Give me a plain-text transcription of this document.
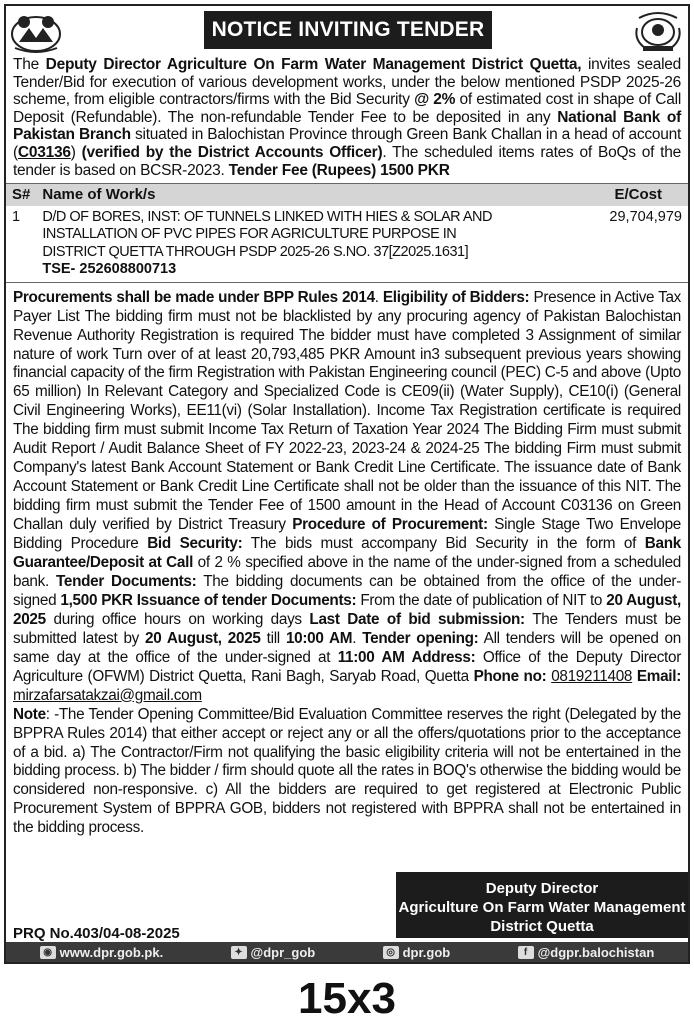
NOTICE INVITING TENDER
The Deputy Director Agriculture On Farm Water Management District Quetta, invites sealed Tender/Bid for execution of various development works, under the below mentioned PSDP 2025-26 scheme, from eligible contractors/firms with the Bid Security @ 2% of estimated cost in shape of Call Deposit (Refundable). The non-refundable Tender Fee to be deposited in any National Bank of Pakistan Branch situated in Balochistan Province through Green Bank Challan in a head of account (C03136) (verified by the District Accounts Officer). The scheduled items rates of BoQs of the tender is based on BCSR-2023. Tender Fee (Rupees) 1500 PKR
S#	Name of Work/s	E/Cost
1	D/D OF BORES, INST: OF TUNNELS LINKED WITH HIES & SOLAR AND
INSTALLATION OF PVC PIPES FOR AGRICULTURE PURPOSE IN
DISTRICT QUETTA THROUGH PSDP 2025-26 S.NO. 37[Z2025.1631]
TSE- 252608800713	29,704,979
Procurements shall be made under BPP Rules 2014. Eligibility of Bidders: Presence in Active Tax Payer List The bidding firm must not be blacklisted by any procuring agency of Pakistan Balochistan Revenue Authority Registration is required The bidder must have completed 3 Assignment of similar nature of work Turn over of at least 20,793,485 PKR Amount in3 subsequent previous years showing financial capacity of the firm Registration with Pakistan Engineering council (PEC) C-5 and above (Upto 65 million) In Relevant Category and Specialized Code is CE09(ii) (Water Supply), CE10(i) (General Civil Engineering Works), EE11(vi) (Solar Installation). Income Tax Registration certificate is required The bidding firm must submit Income Tax Return of Taxation Year 2024 The Bidding Firm must submit Audit Report / Audit Balance Sheet of FY 2022-23, 2023-24 & 2024-25 The bidding Firm must submit Company's latest Bank Account Statement or Bank Credit Line Certificate. The issuance date of Bank Account Statement or Bank Credit Line Certificate shall not be older than the issuance of this NIT. The bidding firm must submit the Tender Fee of 1500 amount in the Head of Account C03136 on Green Challan duly verified by District Treasury Procedure of Procurement: Single Stage Two Envelope Bidding Procedure Bid Security: The bids must accompany Bid Security in the form of Bank Guarantee/Deposit at Call of 2 % specified above in the name of the under-signed from a scheduled bank. Tender Documents: The bidding documents can be obtained from the office of the under-signed 1,500 PKR Issuance of tender Documents: From the date of publication of NIT to 20 August, 2025 during office hours on working days Last Date of bid submission: The Tenders must be submitted latest by 20 August, 2025 till 10:00 AM. Tender opening: All tenders will be opened on same day at the office of the under-signed at 11:00 AM Address: Office of the Deputy Director Agriculture (OFWM) District Quetta, Rani Bagh, Saryab Road, Quetta Phone no: 0819211408 Email: mirzafarsatakzai@gmail.com
Note: -The Tender Opening Committee/Bid Evaluation Committee reserves the right (Delegated by the BPPRA Rules 2014) that either accept or reject any or all the offers/quotations prior to the acceptance of a bid. a) The Contractor/Firm not qualifying the basic eligibility criteria will not be entertained in the bidding process. b) The bidder / firm should quote all the rates in BOQ's otherwise the bidding would be considered non-responsive. c) All the bidders are required to get registered at Electronic Public Procurement System of BPPRA GOB, bidders not registered with BPPRA shall not be entertained in the bidding process.
PRQ No.403/04-08-2025
Deputy Director
Agriculture On Farm Water Management
District Quetta
◉ www.dpr.gob.pk.	✦ @dpr_gob	◎ dpr.gob	f @dgpr.balochistan
15x3
